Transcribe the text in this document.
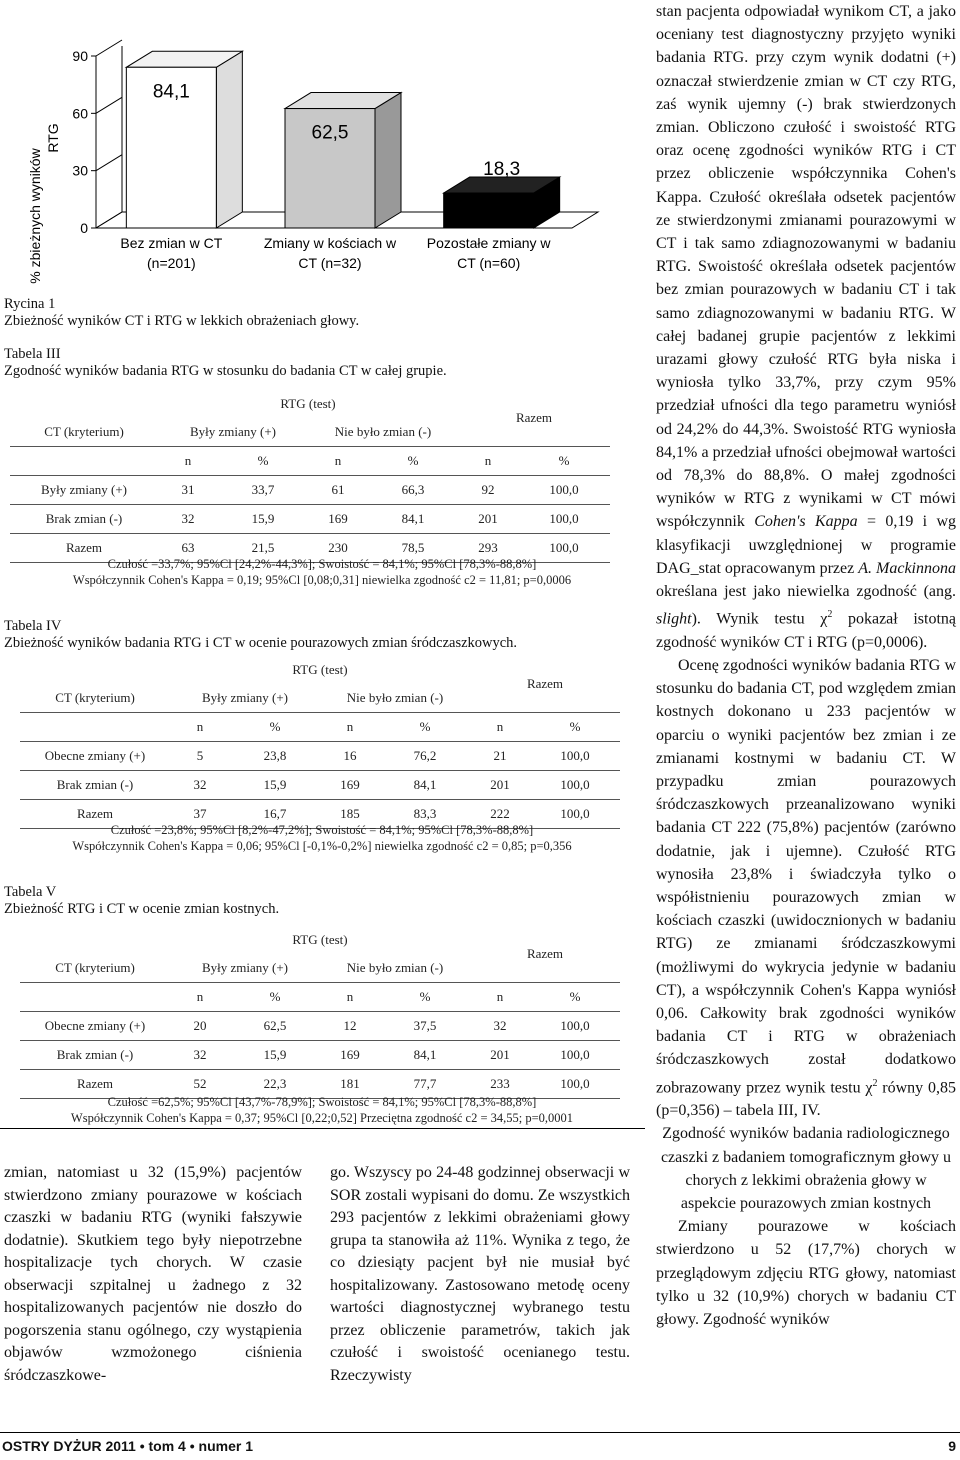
% zbieżnych wyników
RTG
0
30
60
90
84,1
Bez zmian w CT
(n=201)
62,5
Zmiany w kościach w
CT (n=32)
18,3
Pozostałe zmiany w
CT (n=60)
Rycina 1
Zbieżność wyników CT i RTG w lekkich obrażeniach głowy.
Tabela III
Zgodność wyników badania RTG w stosunku do badania CT w całej grupie.
	RTG (test)				Razem	
CT (kryterium)	Były zmiany (+)		Nie było zmian (-)			
	n	%	n	%	n	%
Były zmiany (+)	31	33,7	61	66,3	92	100,0
Brak zmian (-)	32	15,9	169	84,1	201	100,0
Razem	63	21,5	230	78,5	293	100,0
Czułość =33,7%; 95%Cl [24,2%-44,3%]; Swoistość = 84,1%; 95%Cl [78,3%-88,8%]
Współczynnik Cohen's Kappa = 0,19; 95%Cl [0,08;0,31] niewielka zgodność c2 = 11,81; p=0,0006
Tabela IV
Zbieżność wyników badania RTG i CT w ocenie pourazowych zmian śródczaszkowych.
	RTG (test)				Razem	
CT (kryterium)	Były zmiany (+)		Nie było zmian (-)			
	n	%	n	%	n	%
Obecne zmiany (+)	5	23,8	16	76,2	21	100,0
Brak zmian (-)	32	15,9	169	84,1	201	100,0
Razem	37	16,7	185	83,3	222	100,0
Czułość =23,8%; 95%Cl [8,2%-47,2%]; Swoistość = 84,1%; 95%Cl [78,3%-88,8%]
Współczynnik Cohen's Kappa = 0,06; 95%Cl [-0,1%-0,2%] niewielka zgodność c2 = 0,85; p=0,356
Tabela V
Zbieżność RTG i CT w ocenie zmian kostnych.
	RTG (test)				Razem	
CT (kryterium)	Były zmiany (+)		Nie było zmian (-)			
	n	%	n	%	n	%
Obecne zmiany (+)	20	62,5	12	37,5	32	100,0
Brak zmian (-)	32	15,9	169	84,1	201	100,0
Razem	52	22,3	181	77,7	233	100,0
Czułość =62,5%; 95%Cl [43,7%-78,9%]; Swoistość = 84,1%; 95%Cl [78,3%-88,8%]
Współczynnik Cohen's Kappa = 0,37; 95%Cl [0,22;0,52] Przeciętna zgodność c2 = 34,55; p=0,0001

zmian, natomiast u 32 (15,9%) pacjentów stwierdzono zmiany pourazowe w kościach czaszki w badaniu RTG (wyniki fałszywie dodatnie). Skutkiem tego były niepotrzebne hospitalizacje tych chorych. W czasie obserwacji szpitalnej u żadnego z 32 hospitalizowanych pacjentów nie doszło do pogorszenia stanu ogólnego, czy wystąpienia objawów wzmożonego ciśnienia śródczaszkowe-

go. Wszyscy po 24-48 godzinnej obserwacji w SOR zostali wypisani do domu. Ze wszystkich 293 pacjentów z lekkimi obrażeniami głowy grupa ta stanowiła aż 11%. Wynika z tego, że co dziesiąty pacjent był nie musiał być hospitalizowany. Zastosowano metodę oceny wartości diagnostycznej wybranego testu przez obliczenie parametrów, takich jak czułość i swoistość ocenianego testu. Rzeczywisty

stan pacjenta odpowiadał wynikom CT, a jako oceniany test diagnostyczny przyjęto wyniki badania RTG. przy czym wynik dodatni (+) oznaczał stwierdzenie zmian w CT czy RTG, zaś wynik ujemny (-) brak stwierdzonych zmian. Obliczono czułość i swoistość RTG oraz ocenę zgodności wyników RTG i CT przez obliczenie współczynnika Cohen's Kappa. Czułość określała odsetek pacjentów ze stwierdzonymi zmianami pourazowymi w CT i tak samo zdiagnozowanymi w badaniu RTG. Swoistość określała odsetek pacjentów bez zmian pourazowych w badaniu CT i tak samo zdiagnozowanymi w badaniu RTG. W całej badanej grupie pacjentów z lekkimi urazami głowy czułość RTG była niska i wyniosła tylko 33,7%, przy czym 95% przedział ufności dla tego parametru wyniósł od 24,2% do 44,3%. Swoistość RTG wyniosła 84,1% a przedział ufności obejmował wartości od 78,3% do 88,8%. O małej zgodności wyników w RTG z wynikami w CT mówi współczynnik Cohen's Kappa = 0,19 i wg klasyfikacji uwzględnionej w programie DAG_stat opracowanym przez A. Mackinnona określana jest jako niewielka zgodność (ang. slight). Wynik testu $\chi^2$ pokazał istotną zgodność wyników CT i RTG (p=0,0006).

Ocenę zgodności wyników badania RTG w stosunku do badania CT, pod względem zmian kostnych dokonano u 233 pacjentów w oparciu o wyniki pacjentów bez zmian i ze zmianami kostnymi w badaniu CT. W przypadku zmian pourazowych śródczaszkowych przeanalizowano wyniki badania CT 222 (75,8%) pacjentów (zarówno dodatnie, jak i ujemne). Czułość RTG wynosiła 23,8% i świadczyła tylko o współistnieniu pourazowych zmian w kościach czaszki (uwidocznionych w badaniu RTG) ze zmianami śródczaszkowymi (możliwymi do wykrycia jedynie w badaniu CT), a współczynnik Cohen's Kappa wyniósł 0,06. Całkowity brak zgodności wyników badania CT i RTG w obrażeniach śródczaszkowych został dodatkowo zobrazowany przez wynik testu $\chi^2$ równy 0,85 (p=0,356) – tabela III, IV.

Zgodność wyników badania radiologicznego czaszki z badaniem tomograficznym głowy u chorych z lekkimi obrażenia głowy w aspekcie pourazowych zmian kostnych

Zmiany pourazowe w kościach stwierdzono u 52 (17,7%) chorych w przeglądowym zdjęciu RTG głowy, natomiast tylko u 32 (10,9%) chorych w badaniu CT głowy. Zgodność wyników

OSTRY DYŻUR 2011 • tom 4 • numer 1	9
